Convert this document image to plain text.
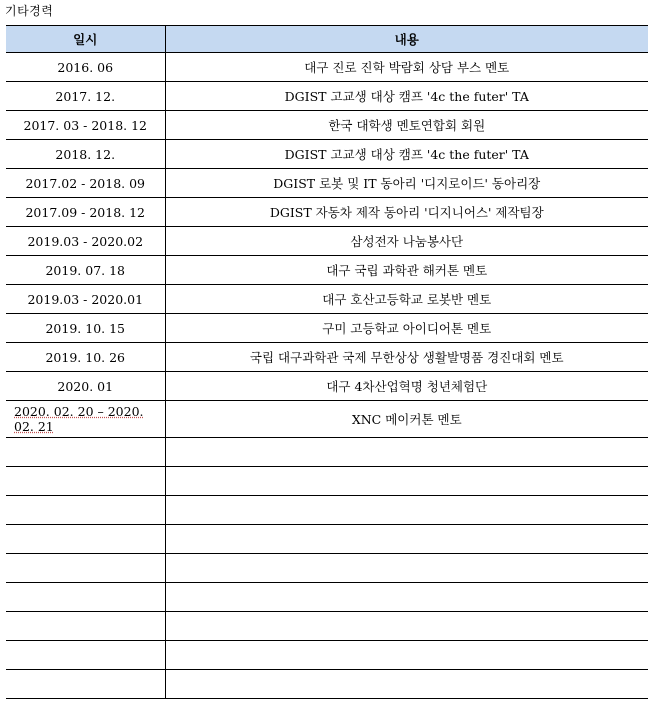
기타경력
일시	내용
2016. 06	대구 진로 진학 박람회 상담 부스 멘토
2017. 12.	DGIST 고교생 대상 캠프 '4c the futer' TA
2017. 03 - 2018. 12	한국 대학생 멘토연합회 회원
2018. 12.	DGIST 고교생 대상 캠프 '4c the futer' TA
2017.02 - 2018. 09	DGIST 로봇 및 IT 동아리 '디지로이드' 동아리장
2017.09 - 2018. 12	DGIST 자동차 제작 동아리 '디지니어스' 제작팀장
2019.03 - 2020.02	삼성전자 나눔봉사단
2019. 07. 18	대구 국립 과학관 해커톤 멘토
2019.03 - 2020.01	대구 호산고등학교 로봇반 멘토
2019. 10. 15	구미 고등학교 아이디어톤 멘토
2019. 10. 26	국립 대구과학관 국제 무한상상 생활발명품 경진대회 멘토
2020. 01	대구 4차산업혁명 청년체험단
2020. 02. 20 – 2020. 02. 21	XNC 메이커톤 멘토
